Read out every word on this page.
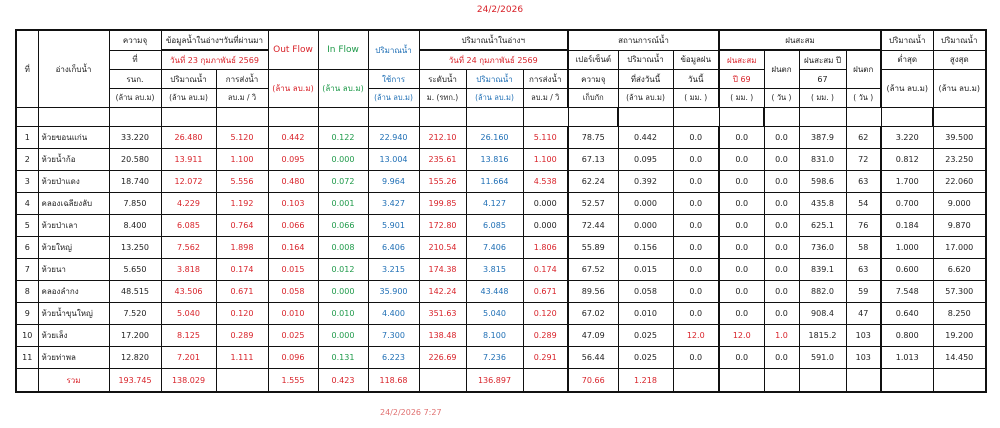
24/2/2026
ที่	อ่างเก็บน้ำ	ความจุ	ข้อมูลน้ำในอ่างฯวันที่ผ่านมา		Out Flow	In Flow	ปริมาณน้ำ	ปริมาณน้ำในอ่างฯ			สถานการณ์น้ำ			ฝนสะสม				ปริมาณน้ำ	ปริมาณน้ำ
		ที่	วันที่ 23 กุมภาพันธ์ 2569					วันที่ 24 กุมภาพันธ์ 2569			เปอร์เซ็นต์	ปริมาณน้ำ	ข้อมูลฝน	ฝนสะสม	ฝนตก	ฝนสะสม ปี	ฝนตก	ต่ำสุด	สูงสุด
		รนก.	ปริมาณน้ำ	การส่งน้ำ	(ล้าน ลบ.ม)	(ล้าน ลบ.ม)	ใช้การ	ระดับน้ำ	ปริมาณน้ำ	การส่งน้ำ	ความจุ	ที่ส่งวันนี้	วันนี้	ปี 69		67		(ล้าน ลบ.ม)	(ล้าน ลบ.ม)
		(ล้าน ลบ.ม)	(ล้าน ลบ.ม)	ลบ.ม / วิ			(ล้าน ลบ.ม)	ม. (รทก.)	(ล้าน ลบ.ม)	ลบ.ม / วิ	เก็บกัก	(ล้าน ลบ.ม)	( มม. )	( มม. )	( วัน )	( มม. )	( วัน )		

1	ห้วยขอนแก่น	33.220	26.480	5.120	0.442	0.122	22.940	212.10	26.160	5.110	78.75	0.442	0.0	0.0	0.0	387.9	62	3.220	39.500
2	ห้วยน้ำก้อ	20.580	13.911	1.100	0.095	0.000	13.004	235.61	13.816	1.100	67.13	0.095	0.0	0.0	0.0	831.0	72	0.812	23.250
3	ห้วยป่าแดง	18.740	12.072	5.556	0.480	0.072	9.964	155.26	11.664	4.538	62.24	0.392	0.0	0.0	0.0	598.6	63	1.700	22.060
4	คลองเฉลียงลับ	7.850	4.229	1.192	0.103	0.001	3.427	199.85	4.127	0.000	52.57	0.000	0.0	0.0	0.0	435.8	54	0.700	9.000
5	ห้วยป่าเลา	8.400	6.085	0.764	0.066	0.066	5.901	172.80	6.085	0.000	72.44	0.000	0.0	0.0	0.0	625.1	76	0.184	9.870
6	ห้วยใหญ่	13.250	7.562	1.898	0.164	0.008	6.406	210.54	7.406	1.806	55.89	0.156	0.0	0.0	0.0	736.0	58	1.000	17.000
7	ห้วยนา	5.650	3.818	0.174	0.015	0.012	3.215	174.38	3.815	0.174	67.52	0.015	0.0	0.0	0.0	839.1	63	0.600	6.620
8	คลองลำกง	48.515	43.506	0.671	0.058	0.000	35.900	142.24	43.448	0.671	89.56	0.058	0.0	0.0	0.0	882.0	59	7.548	57.300
9	ห้วยน้ำขุนใหญ่	7.520	5.040	0.120	0.010	0.010	4.400	351.63	5.040	0.120	67.02	0.010	0.0	0.0	0.0	908.4	47	0.640	8.250
10	ห้วยเล็ง	17.200	8.125	0.289	0.025	0.000	7.300	138.48	8.100	0.289	47.09	0.025	12.0	12.0	1.0	1815.2	103	0.800	19.200
11	ห้วยท่าพล	12.820	7.201	1.111	0.096	0.131	6.223	226.69	7.236	0.291	56.44	0.025	0.0	0.0	0.0	591.0	103	1.013	14.450
	รวม	193.745	138.029		1.555	0.423	118.68		136.897		70.66	1.218							
24/2/2026 7:27
